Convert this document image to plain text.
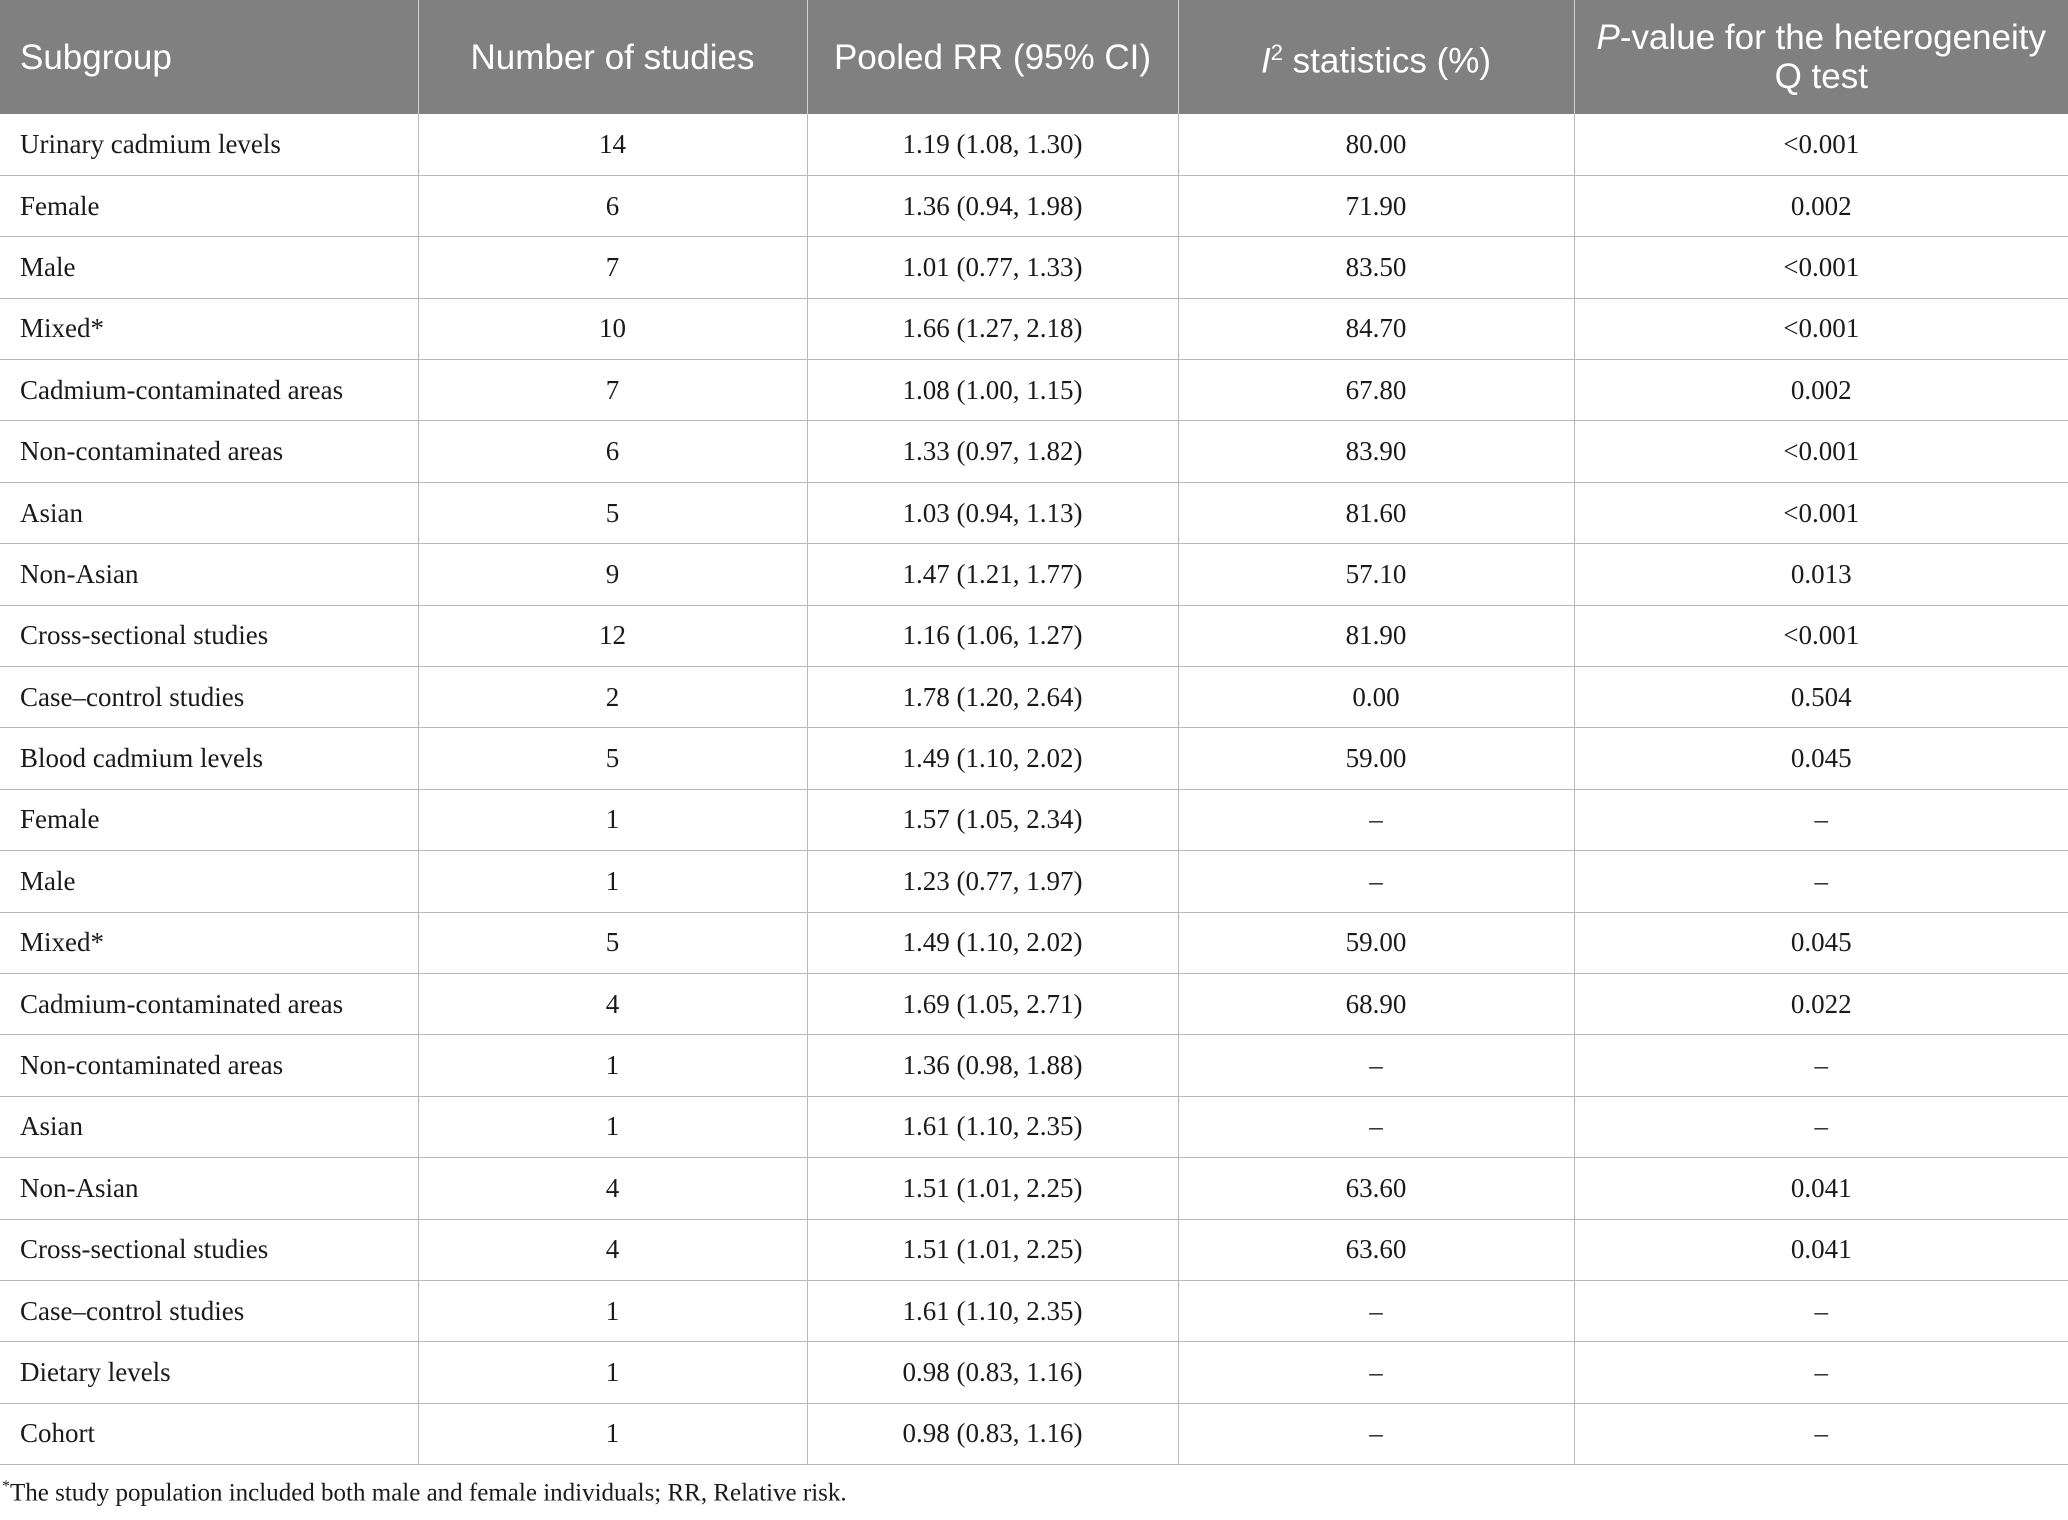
Subgroup	Number of studies	Pooled RR (95% CI)	$I^2$ statistics (%)	P-value for the heterogeneity Q test
Urinary cadmium levels	14	1.19 (1.08, 1.30)	80.00	<0.001
Female	6	1.36 (0.94, 1.98)	71.90	0.002
Male	7	1.01 (0.77, 1.33)	83.50	<0.001
Mixed*	10	1.66 (1.27, 2.18)	84.70	<0.001
Cadmium-contaminated areas	7	1.08 (1.00, 1.15)	67.80	0.002
Non-contaminated areas	6	1.33 (0.97, 1.82)	83.90	<0.001
Asian	5	1.03 (0.94, 1.13)	81.60	<0.001
Non-Asian	9	1.47 (1.21, 1.77)	57.10	0.013
Cross-sectional studies	12	1.16 (1.06, 1.27)	81.90	<0.001
Case–control studies	2	1.78 (1.20, 2.64)	0.00	0.504
Blood cadmium levels	5	1.49 (1.10, 2.02)	59.00	0.045
Female	1	1.57 (1.05, 2.34)	–	–
Male	1	1.23 (0.77, 1.97)	–	–
Mixed*	5	1.49 (1.10, 2.02)	59.00	0.045
Cadmium-contaminated areas	4	1.69 (1.05, 2.71)	68.90	0.022
Non-contaminated areas	1	1.36 (0.98, 1.88)	–	–
Asian	1	1.61 (1.10, 2.35)	–	–
Non-Asian	4	1.51 (1.01, 2.25)	63.60	0.041
Cross-sectional studies	4	1.51 (1.01, 2.25)	63.60	0.041
Case–control studies	1	1.61 (1.10, 2.35)	–	–
Dietary levels	1	0.98 (0.83, 1.16)	–	–
Cohort	1	0.98 (0.83, 1.16)	–	–
*The study population included both male and female individuals; RR, Relative risk.
